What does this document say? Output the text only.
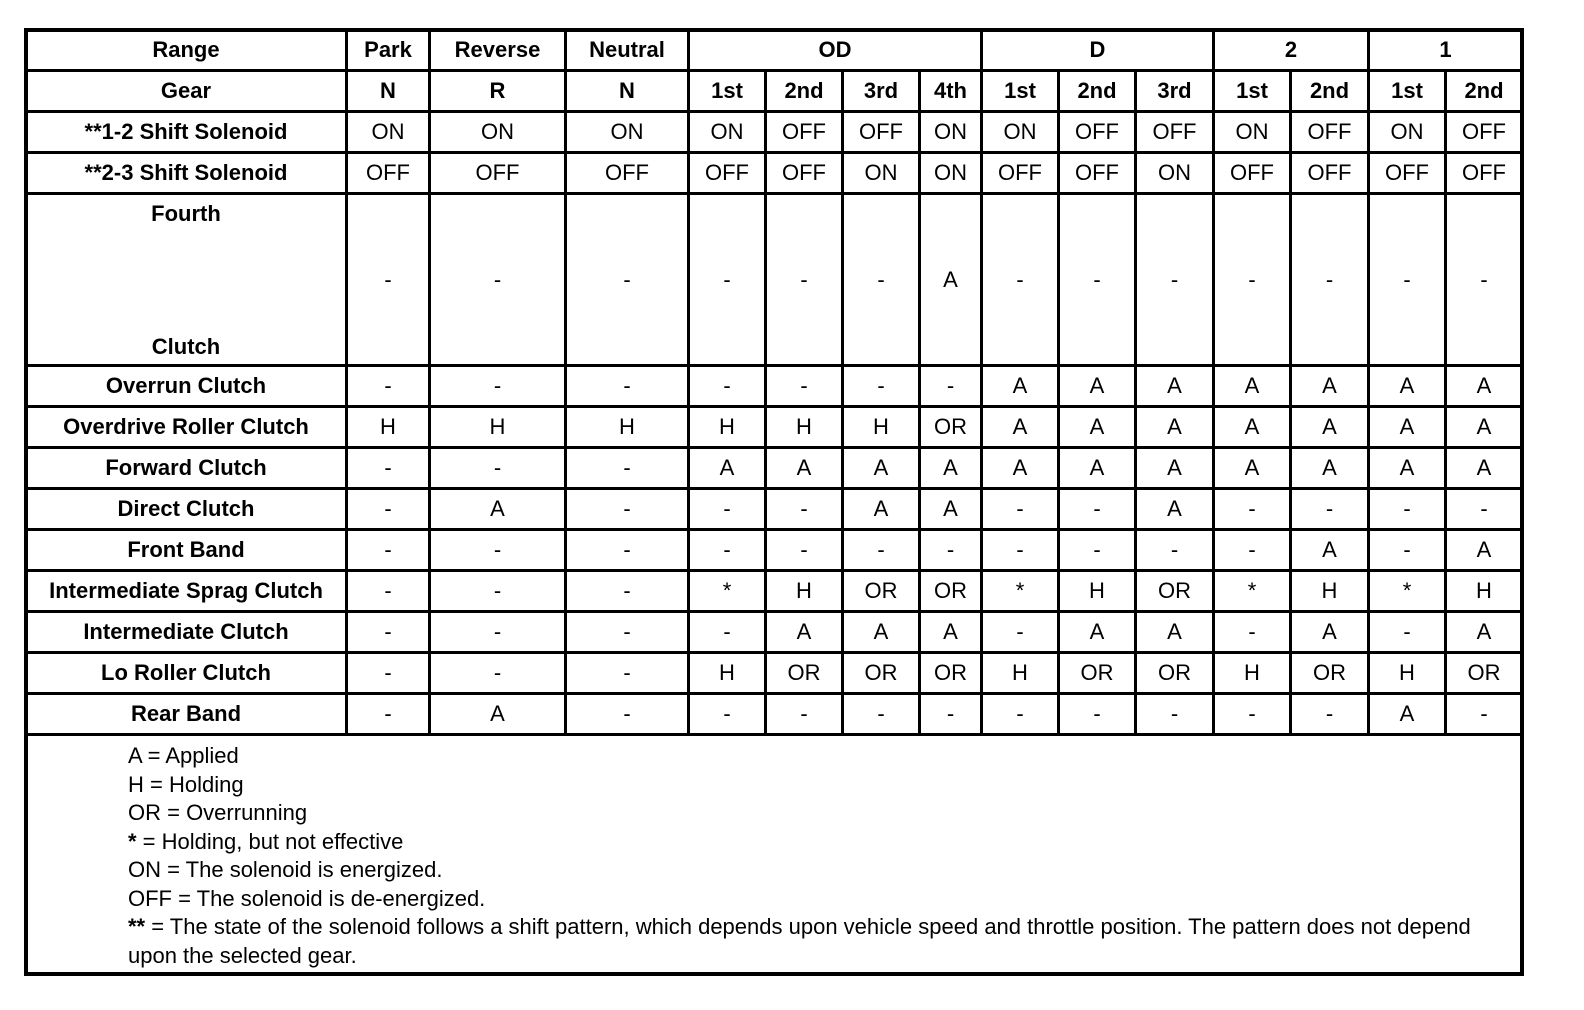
Range	Park	Reverse	Neutral	OD				D			2		1	
Gear	N	R	N	1st	2nd	3rd	4th	1st	2nd	3rd	1st	2nd	1st	2nd
**1-2 Shift Solenoid	ON	ON	ON	ON	OFF	OFF	ON	ON	OFF	OFF	ON	OFF	ON	OFF
**2-3 Shift Solenoid	OFF	OFF	OFF	OFF	OFF	ON	ON	OFF	OFF	ON	OFF	OFF	OFF	OFF

Fourth
Clutch	-	-	-	-	-	-	A	-	-	-	-	-	-	-
Overrun Clutch	-	-	-	-	-	-	-	A	A	A	A	A	A	A
Overdrive Roller Clutch	H	H	H	H	H	H	OR	A	A	A	A	A	A	A
Forward Clutch	-	-	-	A	A	A	A	A	A	A	A	A	A	A
Direct Clutch	-	A	-	-	-	A	A	-	-	A	-	-	-	-
Front Band	-	-	-	-	-	-	-	-	-	-	-	A	-	A
Intermediate Sprag Clutch	-	-	-	*	H	OR	OR	*	H	OR	*	H	*	H
Intermediate Clutch	-	-	-	-	A	A	A	-	A	A	-	A	-	A
Lo Roller Clutch	-	-	-	H	OR	OR	OR	H	OR	OR	H	OR	H	OR
Rear Band	-	A	-	-	-	-	-	-	-	-	-	-	A	-
A = Applied
H = Holding
OR = Overrunning
* = Holding, but not effective
ON = The solenoid is energized.
OFF = The solenoid is de-energized.
** = The state of the solenoid follows a shift pattern, which depends upon vehicle speed and throttle position. The pattern does not depend upon the selected gear.
